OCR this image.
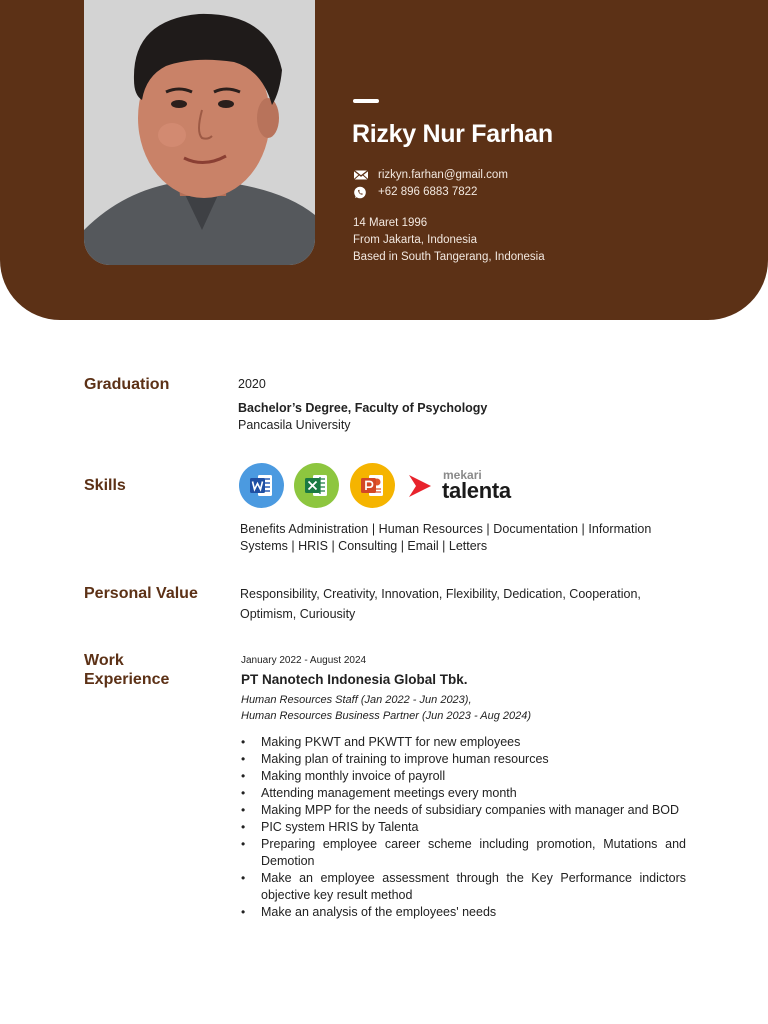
Rizky Nur Farhan
rizkyn.farhan@gmail.com
+62 896 6883 7822
14 Maret 1996
From Jakarta, Indonesia
Based in South Tangerang, Indonesia
Graduation	2020
Bachelor’s Degree, Faculty of Psychology
Pancasila University
Skills
mekari
talenta
Benefits Administration | Human Resources | Documentation | Information
Systems | HRIS | Consulting | Email | Letters
Personal Value	Responsibility, Creativity, Innovation, Flexibility, Dedication, Cooperation,
Optimism, Curiousity
Work
Experience
January 2022 - August 2024
PT Nanotech Indonesia Global Tbk.
Human Resources Staff (Jan 2022 - Jun 2023),
Human Resources Business Partner (Jun 2023 - Aug 2024)
• Making PKWT and PKWTT for new employees
• Making plan of training to improve human resources
• Making monthly invoice of payroll
• Attending management meetings every month
• Making MPP for the needs of subsidiary companies with manager and BOD
• PIC system HRIS by Talenta
• Preparing employee career scheme including promotion, Mutations and Demotion
• Make an employee assessment through the Key Performance indictors objective key result method
• Make an analysis of the employees' needs
